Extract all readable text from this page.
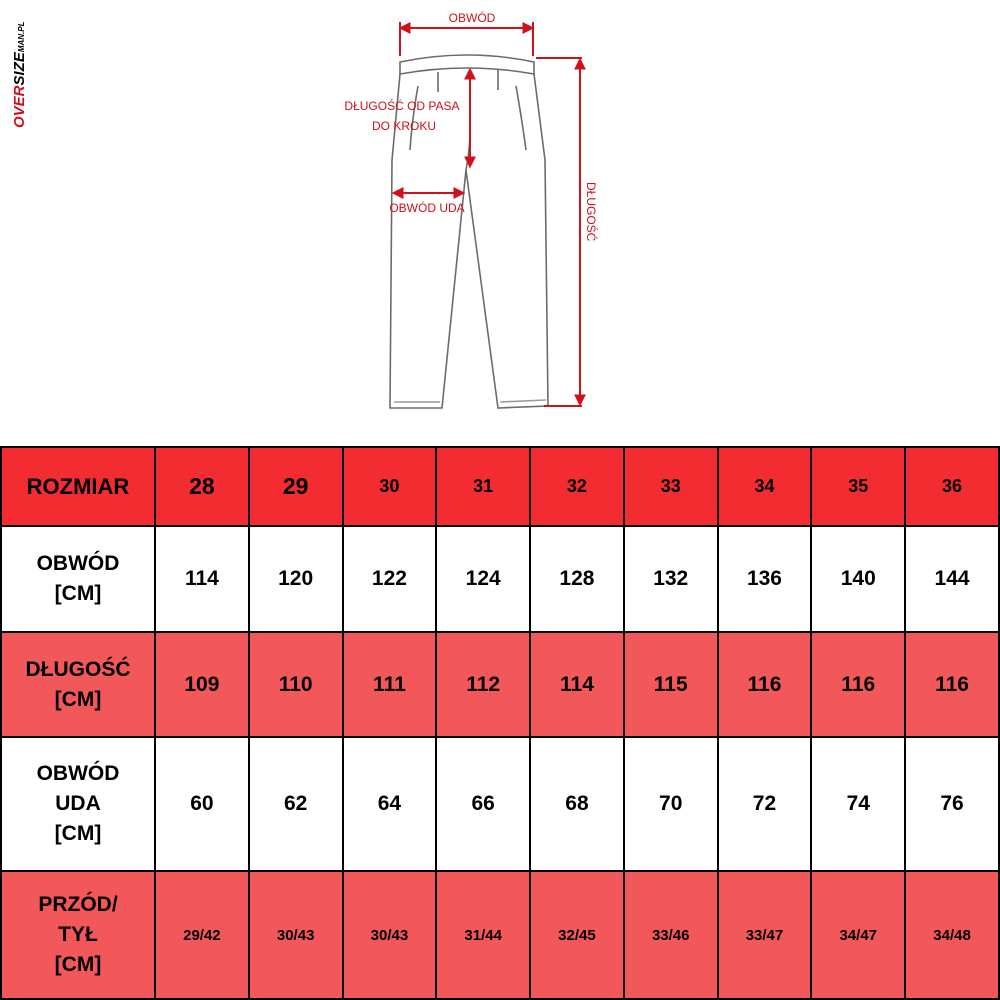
OVERSIZEMAN.PL
OBWÓD
DŁUGOŚĆ OD PASA
DO KROKU
OBWÓD UDA	DŁUGOŚĆ
ROZMIAR	28	29	30	31	32	33	34	35	36

OBWÓD
[CM]	114	120	122	124	128	132	136	140	144

DŁUGOŚĆ
[CM]	109	110	111	112	114	115	116	116	116

OBWÓD
UDA
[CM]	60	62	64	66	68	70	72	74	76

PRZÓD/
TYŁ
[CM]	29/42	30/43	30/43	31/44	32/45	33/46	33/47	34/47	34/48
